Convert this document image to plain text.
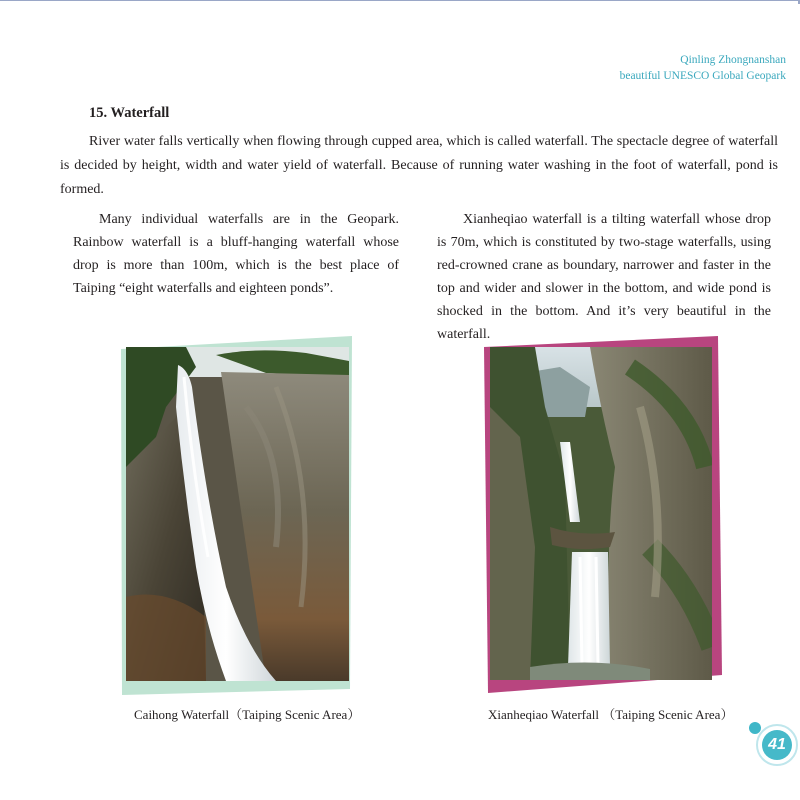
Qinling Zhongnanshan
beautiful UNESCO Global Geopark
15. Waterfall
River water falls vertically when flowing through cupped area, which is called waterfall. The spectacle degree of waterfall is decided by height, width and water yield of waterfall. Because of running water washing in the foot of waterfall, pond is formed.
Many individual waterfalls are in the Geopark. Rainbow waterfall is a bluff-hanging waterfall whose drop is more than 100m, which is the best place of Taiping “eight waterfalls and eighteen ponds”.
Xianheqiao waterfall is a tilting waterfall whose drop is 70m, which is constituted by two-stage waterfalls, using red-crowned crane as boundary, narrower and faster in the top and wider and slower in the bottom, and wide pond is shocked in the bottom. And it’s very beautiful in the waterfall.
Caihong Waterfall（Taiping Scenic Area）	Xianheqiao Waterfall （Taiping Scenic Area）
41
